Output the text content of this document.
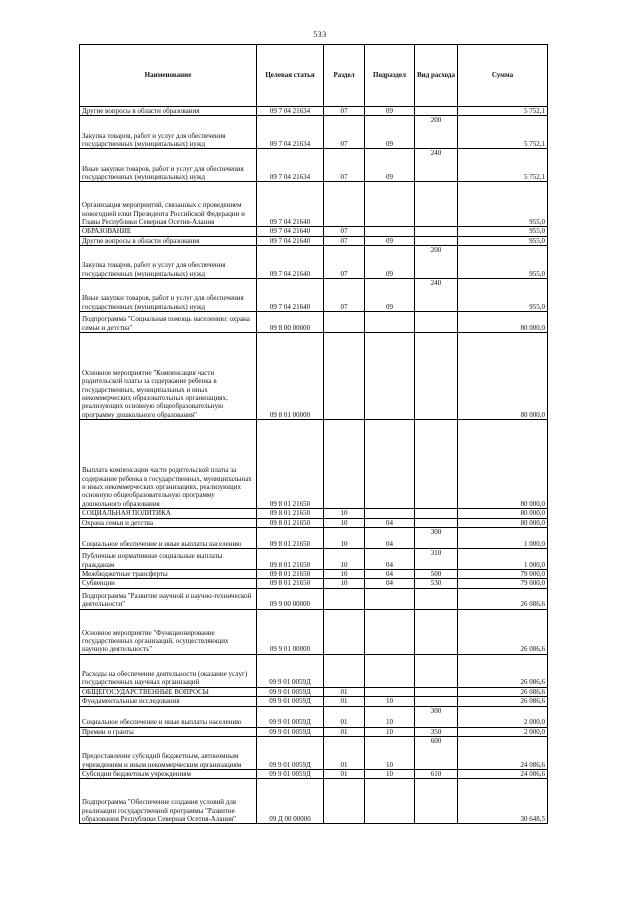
533
Наименование	Целевая статья	Раздел	Подраздел	Вид расхода	Сумма
Другие вопросы в области образования	09 7 04 21634	07	09		5 752,1
Закупка товаров, работ и услуг для обеспечения государственных (муниципальных) нужд	09 7 04 21634	07	09	200	5 752,1
Иные закупки товаров, работ и услуг для обеспечения государственных (муниципальных) нужд	09 7 04 21634	07	09	240	5 752,1
Организация мероприятий, связанных с проведением новогодней елки Президента Российской Федерации и Главы Республики Северная Осетия-Алания	09 7 04 21640				955,0
ОБРАЗОВАНИЕ	09 7 04 21640	07			955,0
Другие вопросы в области образования	09 7 04 21640	07	09		955,0
Закупка товаров, работ и услуг для обеспечения государственных (муниципальных) нужд	09 7 04 21640	07	09	200	955,0
Иные закупки товаров, работ и услуг для обеспечения государственных (муниципальных) нужд	09 7 04 21640	07	09	240	955,0
Подпрограмма "Социальная помощь населению: охрана семьи и детства"	09 8 00 00000				80 000,0
Основное мероприятие "Компенсация части родительской платы за содержание ребенка в государственных, муниципальных и иных некоммерческих образовательных организациях, реализующих основную общеобразовательную программу дошкольного образования"	09 8 01 00000				80 000,0
Выплата компенсации части родительской платы за содержание ребенка в государственных, муниципальных и иных некоммерческих организациях, реализующих основную общеобразовательную программу дошкольного образования	09 8 01 21650				80 000,0
СОЦИАЛЬНАЯ ПОЛИТИКА	09 8 01 21650	10			80 000,0
Охрана семьи и детства	09 8 01 21650	10	04		80 000,0
Социальное обеспечение и иные выплаты населению	09 8 01 21650	10	04	300	1 000,0
Публичные нормативные социальные выплаты гражданам	09 8 01 21650	10	04	310	1 000,0
Межбюджетные трансферты	09 8 01 21650	10	04	500	79 000,0
Субвенции	09 8 01 21650	10	04	530	79 000,0
Подпрограмма "Развитие научной и научно-технической деятельности"	09 9 00 00000				26 086,6
Основное мероприятие "Функционирование государственных организаций, осуществляющих научную деятельность"	09 9 01 00000				26 086,6
Расходы на обеспечение деятельности (оказание услуг) государственных научных организаций	09 9 01 0059Д				26 086,6
ОБЩЕГОСУДАРСТВЕННЫЕ ВОПРОСЫ	09 9 01 0059Д	01			26 086,6
Фундаментальные исследования	09 9 01 0059Д	01	10		26 086,6
Социальное обеспечение и иные выплаты населению	09 9 01 0059Д	01	10	300	2 000,0
Премии и гранты	09 9 01 0059Д	01	10	350	2 000,0
Предоставление субсидий бюджетным, автономным учреждениям и иным некоммерческим организациям	09 9 01 0059Д	01	10	600	24 086,6
Субсидии бюджетным учреждениям	09 9 01 0059Д	01	10	610	24 086,6
Подпрограмма "Обеспечение создания условий для реализации государственной программы "Развитие образования Республики Северная Осетия-Алания"	09 Д 00 00000				30 648,5
